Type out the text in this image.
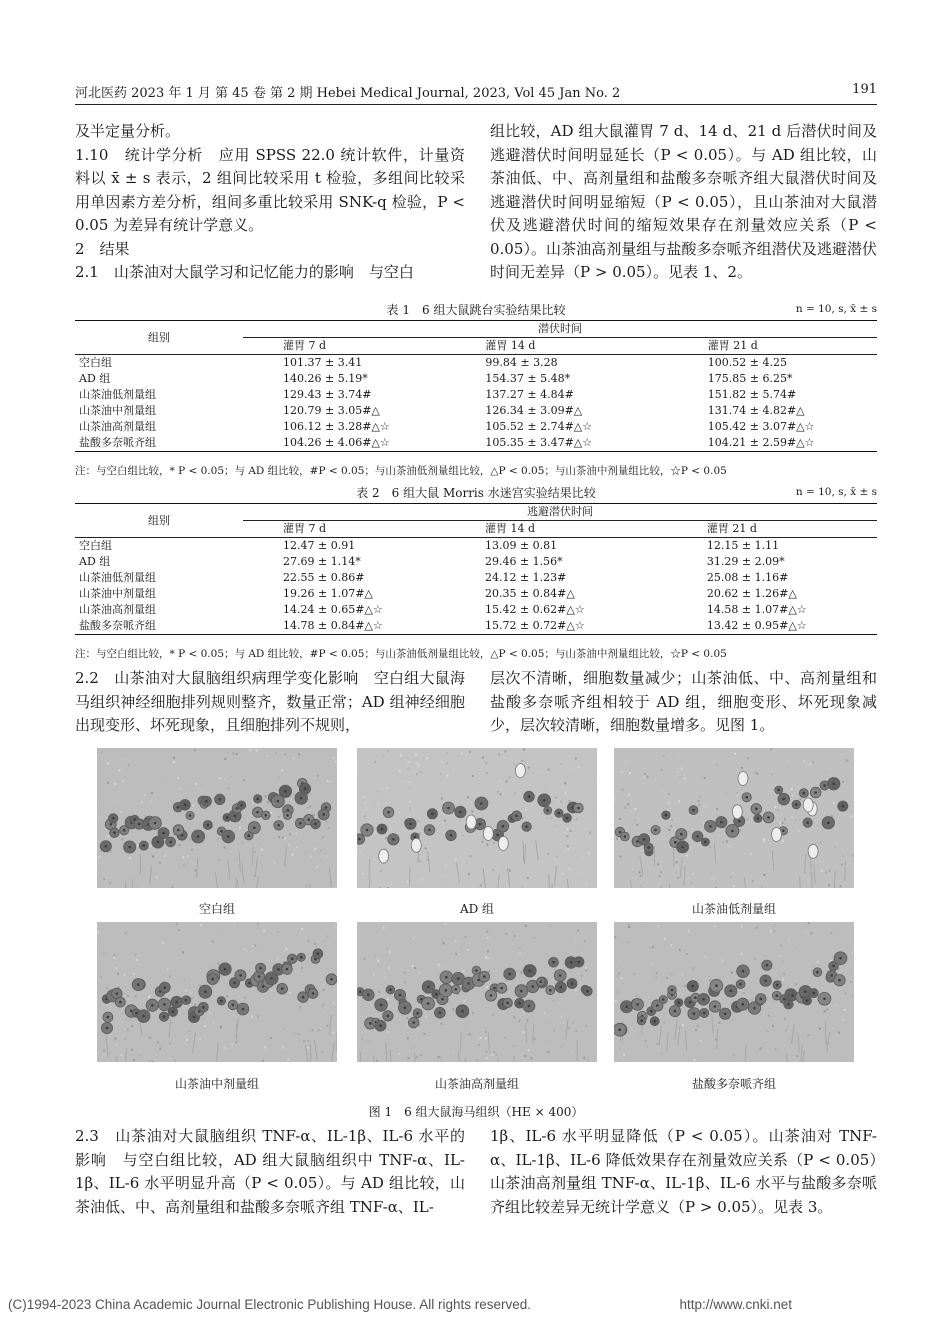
河北医药 2023 年 1 月 第 45 卷 第 2 期 Hebei Medical Journal, 2023, Vol 45 Jan No. 2	191
及半定量分析。
1.10　统计学分析　应用 SPSS 22.0 统计软件，计量资料以 x̄ ± s 表示，2 组间比较采用 t 检验，多组间比较采用单因素方差分析，组间多重比较采用 SNK-q 检验，P < 0.05 为差异有统计学意义。
2　结果
2.1　山茶油对大鼠学习和记忆能力的影响　与空白
组比较，AD 组大鼠灌胃 7 d、14 d、21 d 后潜伏时间及逃避潜伏时间明显延长（P < 0.05）。与 AD 组比较，山茶油低、中、高剂量组和盐酸多奈哌齐组大鼠潜伏时间及逃避潜伏时间明显缩短（P < 0.05），且山茶油对大鼠潜伏及逃避潜伏时间的缩短效果存在剂量效应关系（P < 0.05）。山茶油高剂量组与盐酸多奈哌齐组潜伏及逃避潜伏时间无差异（P > 0.05）。见表 1、2。
表 1　6 组大鼠跳台实验结果比较	n = 10, s, x̄ ± s
组别	潜伏时间		
	灌胃 7 d	灌胃 14 d	灌胃 21 d
空白组	101.37 ± 3.41	99.84 ± 3.28	100.52 ± 4.25
AD 组	140.26 ± 5.19*	154.37 ± 5.48*	175.85 ± 6.25*
山茶油低剂量组	129.43 ± 3.74#	137.27 ± 4.84#	151.82 ± 5.74#
山茶油中剂量组	120.79 ± 3.05#△	126.34 ± 3.09#△	131.74 ± 4.82#△
山茶油高剂量组	106.12 ± 3.28#△☆	105.52 ± 2.74#△☆	105.42 ± 3.07#△☆
盐酸多奈哌齐组	104.26 ± 4.06#△☆	105.35 ± 3.47#△☆	104.21 ± 2.59#△☆
注：与空白组比较，* P < 0.05；与 AD 组比较，#P < 0.05；与山茶油低剂量组比较，△P < 0.05；与山茶油中剂量组比较，☆P < 0.05
表 2　6 组大鼠 Morris 水迷宫实验结果比较	n = 10, s, x̄ ± s
组别	逃避潜伏时间		
	灌胃 7 d	灌胃 14 d	灌胃 21 d
空白组	12.47 ± 0.91	13.09 ± 0.81	12.15 ± 1.11
AD 组	27.69 ± 1.14*	29.46 ± 1.56*	31.29 ± 2.09*
山茶油低剂量组	22.55 ± 0.86#	24.12 ± 1.23#	25.08 ± 1.16#
山茶油中剂量组	19.26 ± 1.07#△	20.35 ± 0.84#△	20.62 ± 1.26#△
山茶油高剂量组	14.24 ± 0.65#△☆	15.42 ± 0.62#△☆	14.58 ± 1.07#△☆
盐酸多奈哌齐组	14.78 ± 0.84#△☆	15.72 ± 0.72#△☆	13.42 ± 0.95#△☆
注：与空白组比较，* P < 0.05；与 AD 组比较，#P < 0.05；与山茶油低剂量组比较，△P < 0.05；与山茶油中剂量组比较，☆P < 0.05
2.2　山茶油对大鼠脑组织病理学变化影响　空白组大鼠海马组织神经细胞排列规则整齐，数量正常；AD 组神经细胞出现变形、坏死现象，且细胞排列不规则，
层次不清晰，细胞数量减少；山茶油低、中、高剂量组和盐酸多奈哌齐组相较于 AD 组，细胞变形、坏死现象减少，层次较清晰，细胞数量增多。见图 1。
空白组	AD 组	山茶油低剂量组
山茶油中剂量组	山茶油高剂量组	盐酸多奈哌齐组
图 1　6 组大鼠海马组织（HE × 400）
2.3　山茶油对大鼠脑组织 TNF-α、IL-1β、IL-6 水平的影响　与空白组比较，AD 组大鼠脑组织中 TNF-α、IL-1β、IL-6 水平明显升高（P < 0.05）。与 AD 组比较，山茶油低、中、高剂量组和盐酸多奈哌齐组 TNF-α、IL-
1β、IL-6 水平明显降低（P < 0.05）。山茶油对 TNF-α、IL-1β、IL-6 降低效果存在剂量效应关系（P < 0.05）山茶油高剂量组 TNF-α、IL-1β、IL-6 水平与盐酸多奈哌齐组比较差异无统计学意义（P > 0.05）。见表 3。
(C)1994-2023 China Academic Journal Electronic Publishing House. All rights reserved.	http://www.cnki.net
